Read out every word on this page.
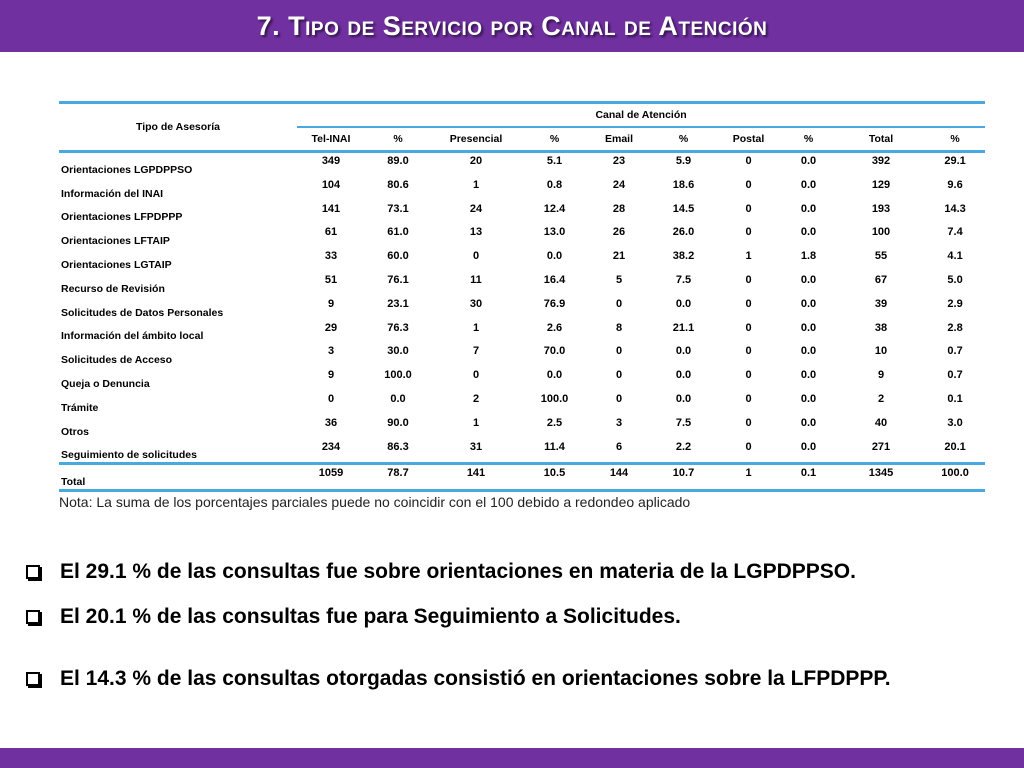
7. Tipo de Servicio por Canal de Atención
Tipo de Asesoría	Canal de Atención									
	Tel-INAI	%	Presencial	%	Email	%	Postal	%	Total	%
Orientaciones LGPDPPSO	349	89.0	20	5.1	23	5.9	0	0.0	392	29.1
Información del INAI	104	80.6	1	0.8	24	18.6	0	0.0	129	9.6
Orientaciones LFPDPPP	141	73.1	24	12.4	28	14.5	0	0.0	193	14.3
Orientaciones LFTAIP	61	61.0	13	13.0	26	26.0	0	0.0	100	7.4
Orientaciones LGTAIP	33	60.0	0	0.0	21	38.2	1	1.8	55	4.1
Recurso de Revisión	51	76.1	11	16.4	5	7.5	0	0.0	67	5.0
Solicitudes de Datos Personales	9	23.1	30	76.9	0	0.0	0	0.0	39	2.9
Información del ámbito local	29	76.3	1	2.6	8	21.1	0	0.0	38	2.8
Solicitudes de Acceso	3	30.0	7	70.0	0	0.0	0	0.0	10	0.7
Queja o Denuncia	9	100.0	0	0.0	0	0.0	0	0.0	9	0.7
Trámite	0	0.0	2	100.0	0	0.0	0	0.0	2	0.1
Otros	36	90.0	1	2.5	3	7.5	0	0.0	40	3.0
Seguimiento de solicitudes	234	86.3	31	11.4	6	2.2	0	0.0	271	20.1
Total	1059	78.7	141	10.5	144	10.7	1	0.1	1345	100.0
Nota: La suma de los porcentajes parciales puede no coincidir con el 100 debido a redondeo aplicado
El 29.1 % de las consultas fue sobre orientaciones en materia de la LGPDPPSO.
El 20.1 % de las consultas fue para Seguimiento a Solicitudes.
El 14.3 % de las consultas otorgadas consistió en orientaciones sobre la LFPDPPP.
